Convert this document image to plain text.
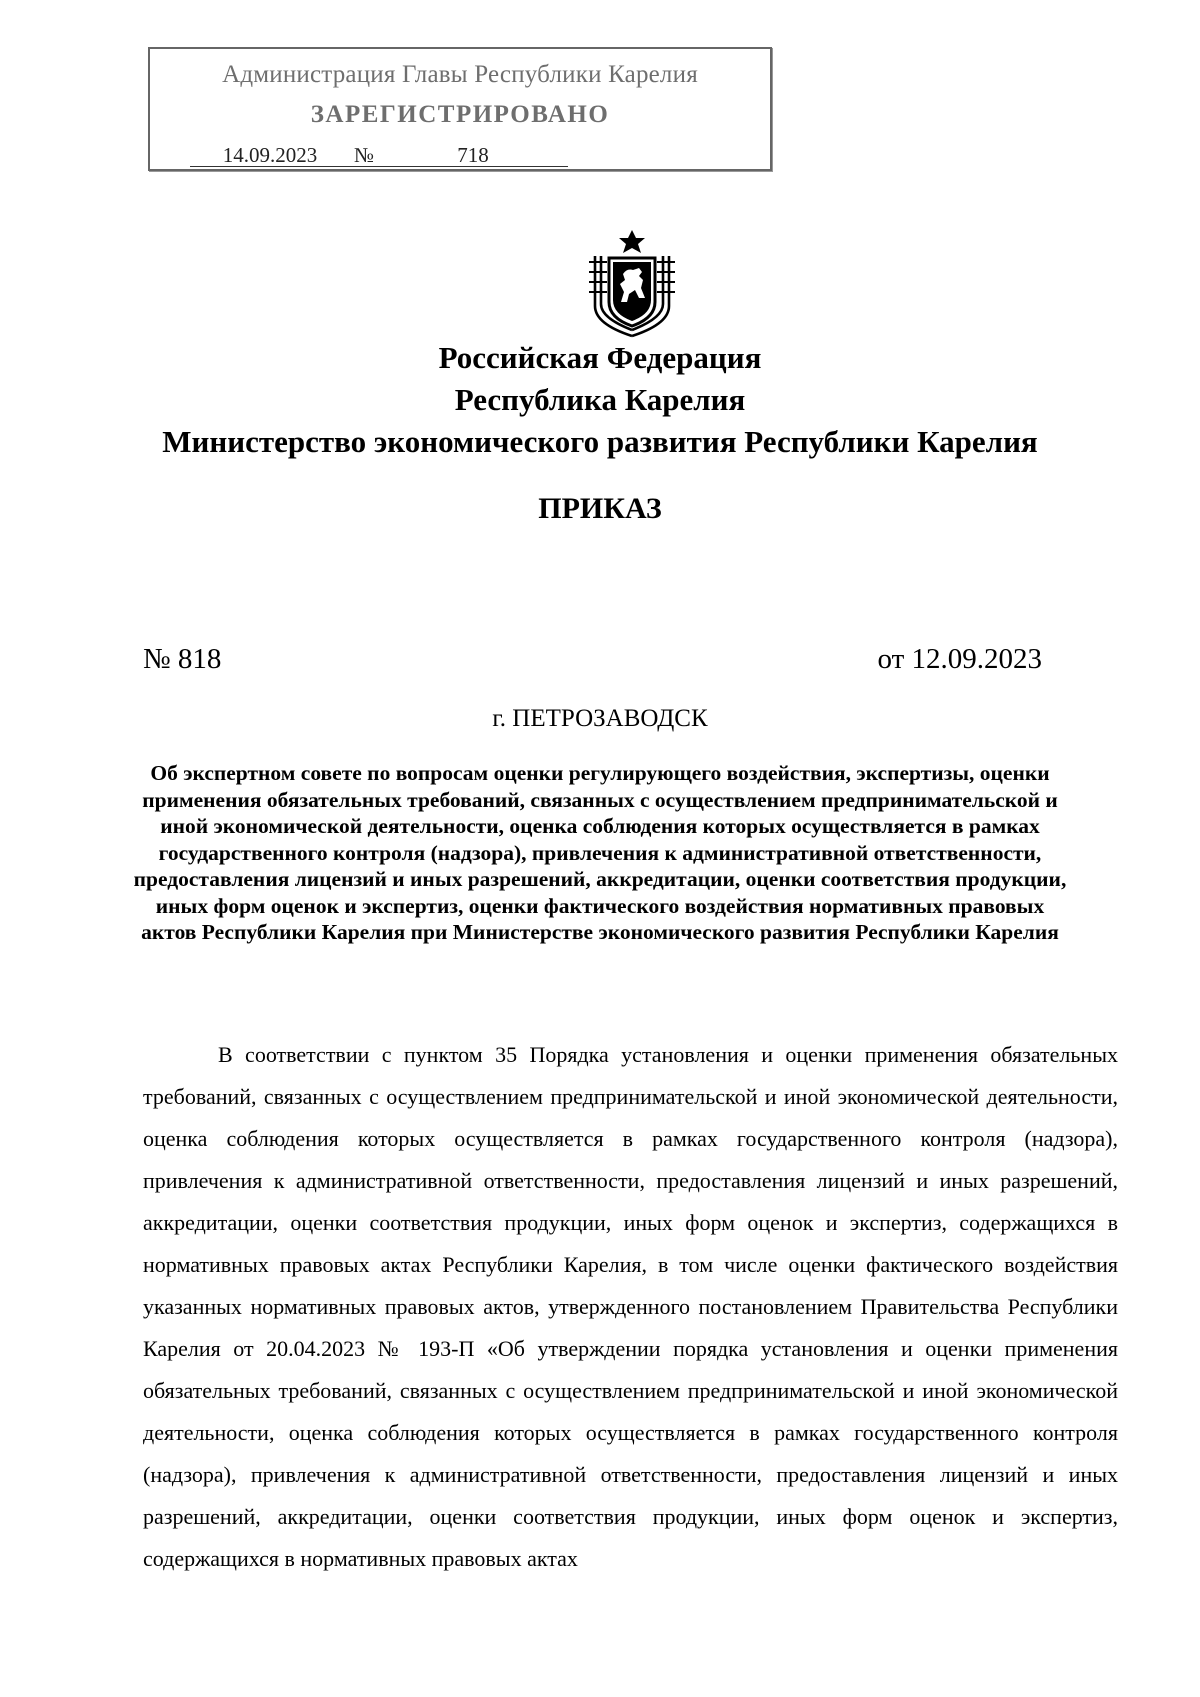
Администрация Главы Республики Карелия
ЗАРЕГИСТРИРОВАНО
14.09.2023 №	718
Российская Федерация
Республика Карелия
Министерство экономического развития Республики Карелия
ПРИКАЗ
№ 818	от 12.09.2023
г. ПЕТРОЗАВОДСК
Об экспертном совете по вопросам оценки регулирующего воздействия, экспертизы, оценки применения обязательных требований, связанных с осуществлением предпринимательской и иной экономической деятельности, оценка соблюдения которых осуществляется в рамках государственного контроля (надзора), привлечения к административной ответственности, предоставления лицензий и иных разрешений, аккредитации, оценки соответствия продукции, иных форм оценок и экспертиз, оценки фактического воздействия нормативных правовых актов Республики Карелия при Министерстве экономического развития Республики Карелия

В соответствии с пунктом 35 Порядка установления и оценки применения обязательных требований, связанных с осуществлением предпринимательской и иной экономической деятельности, оценка соблюдения которых осуществляется в рамках государственного контроля (надзора), привлечения к административной ответственности, предоставления лицензий и иных разрешений, аккредитации, оценки соответствия продукции, иных форм оценок и экспертиз, содержащихся в нормативных правовых актах Республики Карелия, в том числе оценки фактического воздействия указанных нормативных правовых актов, утвержденного постановлением Правительства Республики Карелия от 20.04.2023 № 193-П «Об утверждении порядка установления и оценки применения обязательных требований, связанных с осуществлением предпринимательской и иной экономической деятельности, оценка соблюдения которых осуществляется в рамках государственного контроля (надзора), привлечения к административной ответственности, предоставления лицензий и иных разрешений, аккредитации, оценки соответствия продукции, иных форм оценок и экспертиз, содержащихся в нормативных правовых актах
